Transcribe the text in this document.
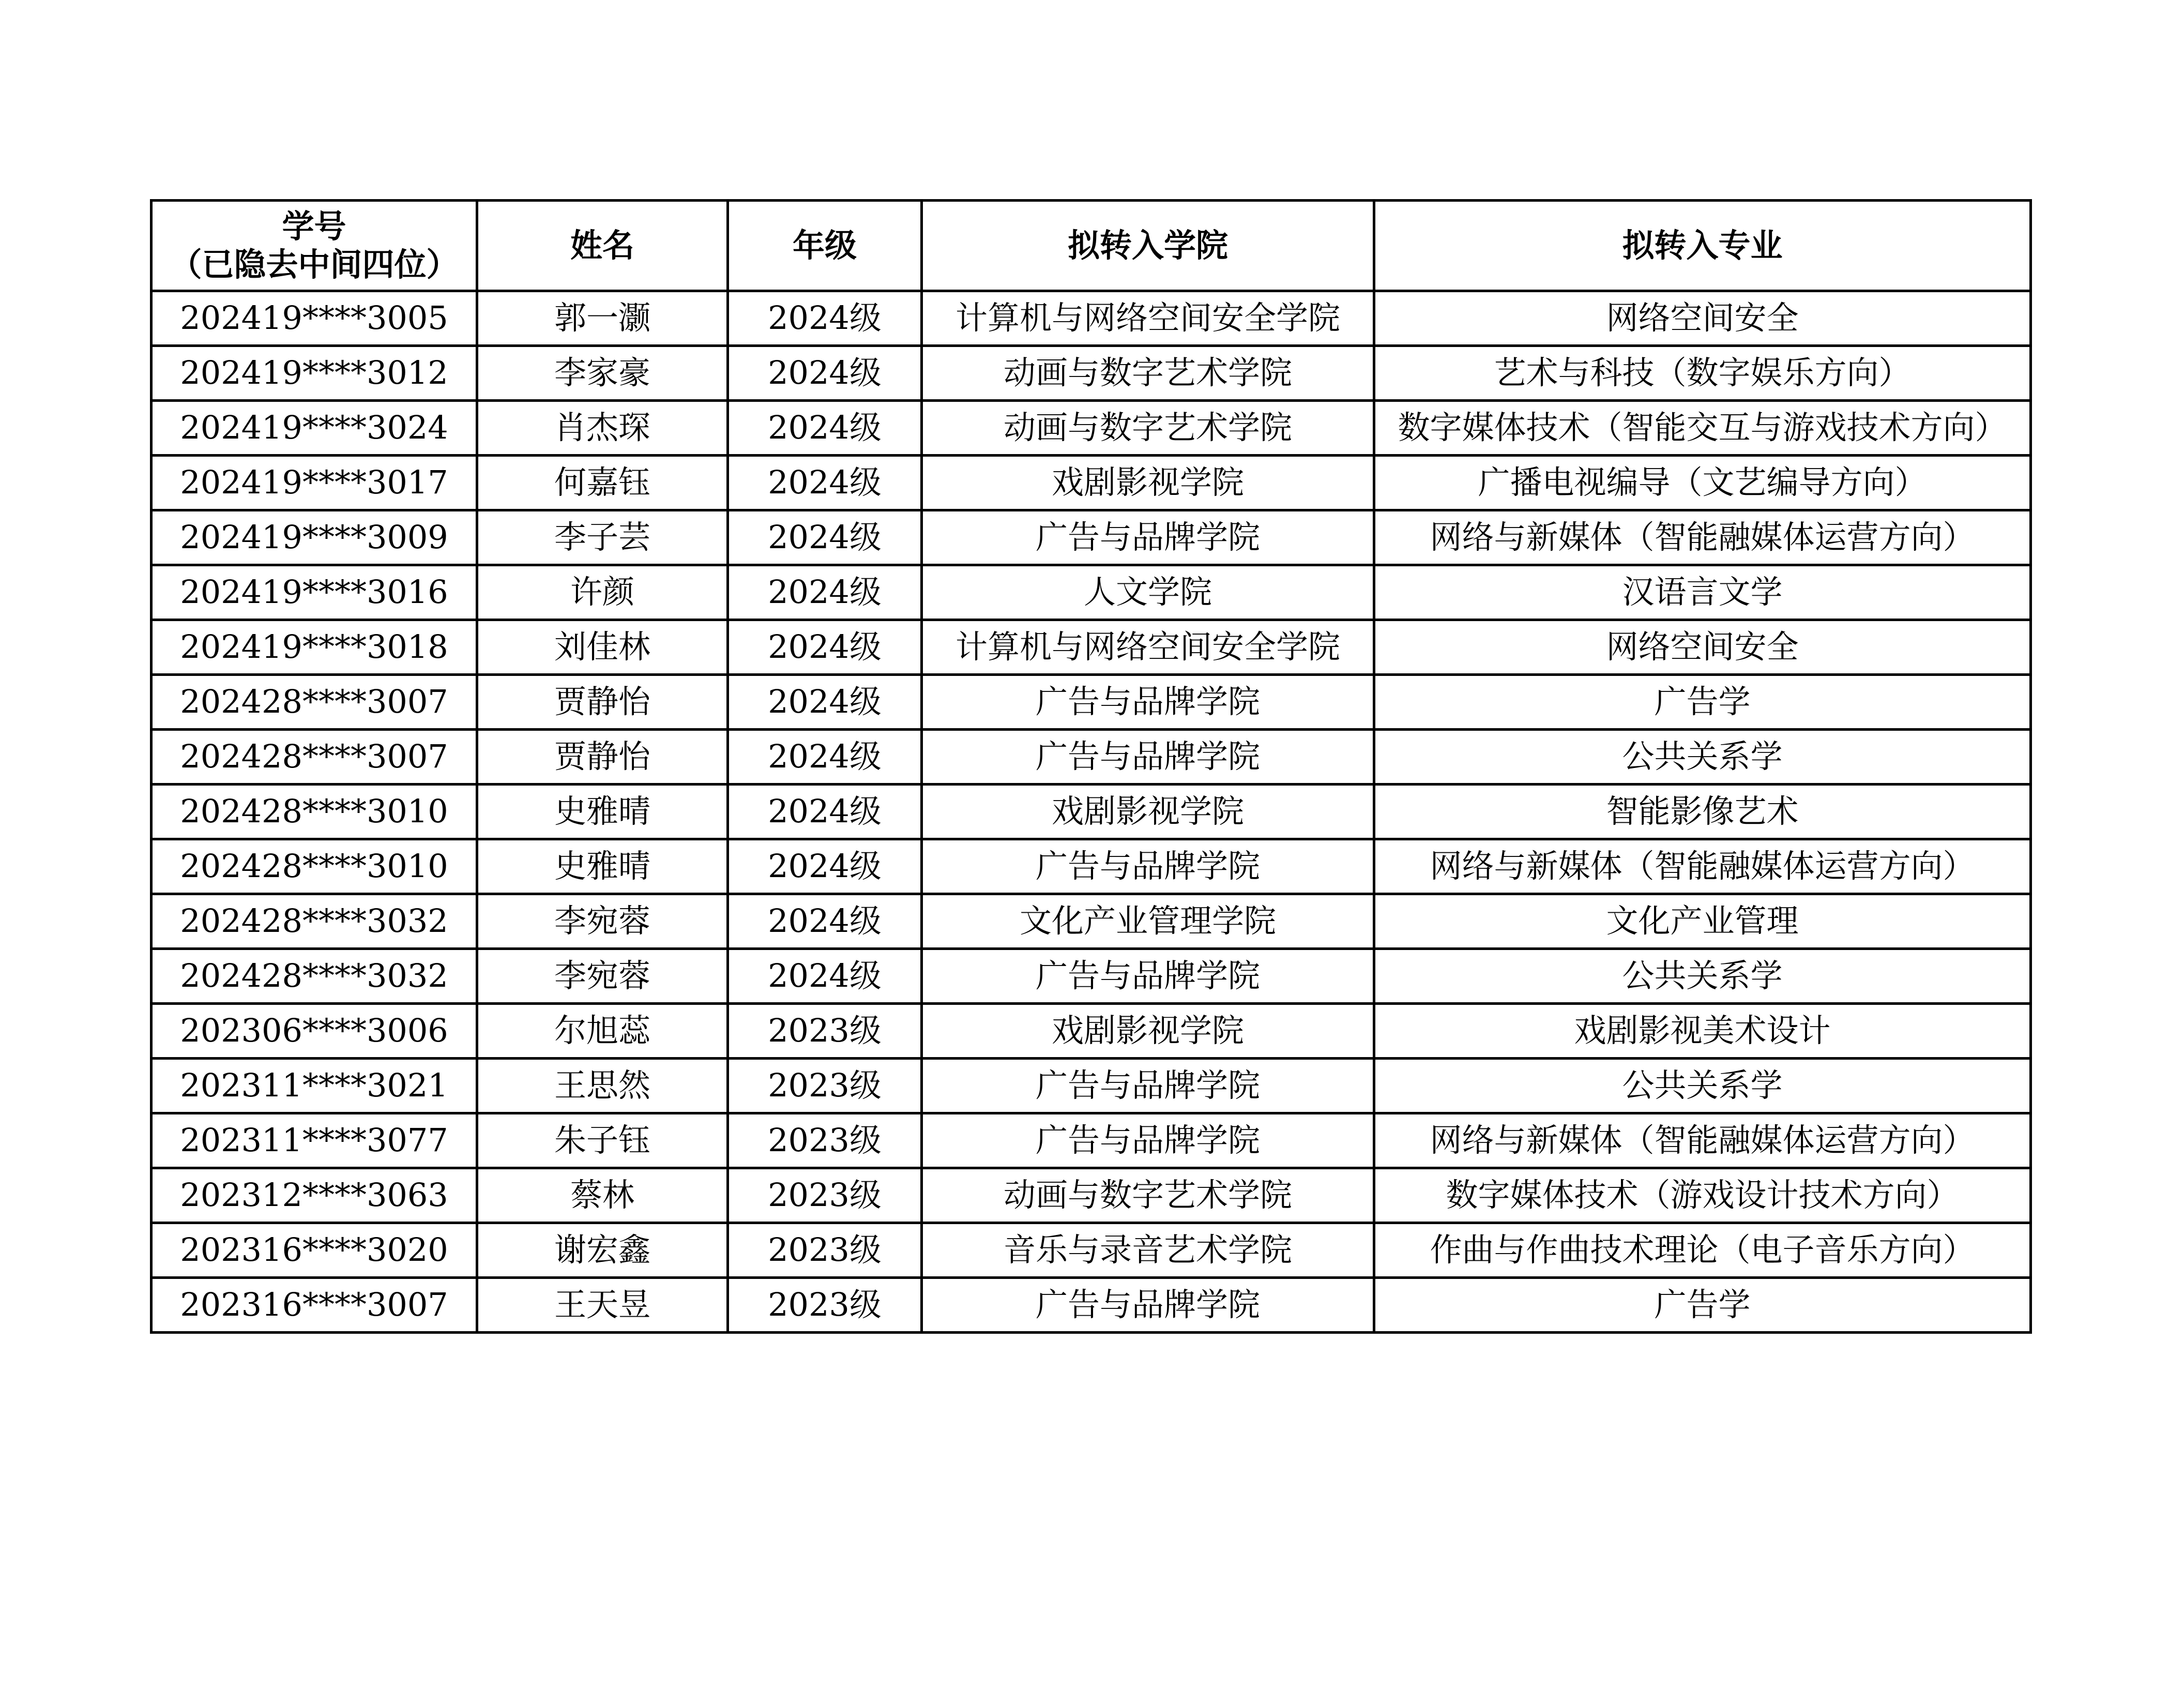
学号
（已隐去中间四位）	姓名	年级	拟转入学院	拟转入专业
202419****3005	郭一灏	2024级	计算机与网络空间安全学院	网络空间安全
202419****3012	李家豪	2024级	动画与数字艺术学院	艺术与科技（数字娱乐方向）
202419****3024	肖杰琛	2024级	动画与数字艺术学院	数字媒体技术（智能交互与游戏技术方向）
202419****3017	何嘉钰	2024级	戏剧影视学院	广播电视编导（文艺编导方向）
202419****3009	李子芸	2024级	广告与品牌学院	网络与新媒体（智能融媒体运营方向）
202419****3016	许颜	2024级	人文学院	汉语言文学
202419****3018	刘佳林	2024级	计算机与网络空间安全学院	网络空间安全
202428****3007	贾静怡	2024级	广告与品牌学院	广告学
202428****3007	贾静怡	2024级	广告与品牌学院	公共关系学
202428****3010	史雅晴	2024级	戏剧影视学院	智能影像艺术
202428****3010	史雅晴	2024级	广告与品牌学院	网络与新媒体（智能融媒体运营方向）
202428****3032	李宛蓉	2024级	文化产业管理学院	文化产业管理
202428****3032	李宛蓉	2024级	广告与品牌学院	公共关系学
202306****3006	尔旭蕊	2023级	戏剧影视学院	戏剧影视美术设计
202311****3021	王思然	2023级	广告与品牌学院	公共关系学
202311****3077	朱子钰	2023级	广告与品牌学院	网络与新媒体（智能融媒体运营方向）
202312****3063	蔡林	2023级	动画与数字艺术学院	数字媒体技术（游戏设计技术方向）
202316****3020	谢宏鑫	2023级	音乐与录音艺术学院	作曲与作曲技术理论（电子音乐方向）
202316****3007	王天昱	2023级	广告与品牌学院	广告学
